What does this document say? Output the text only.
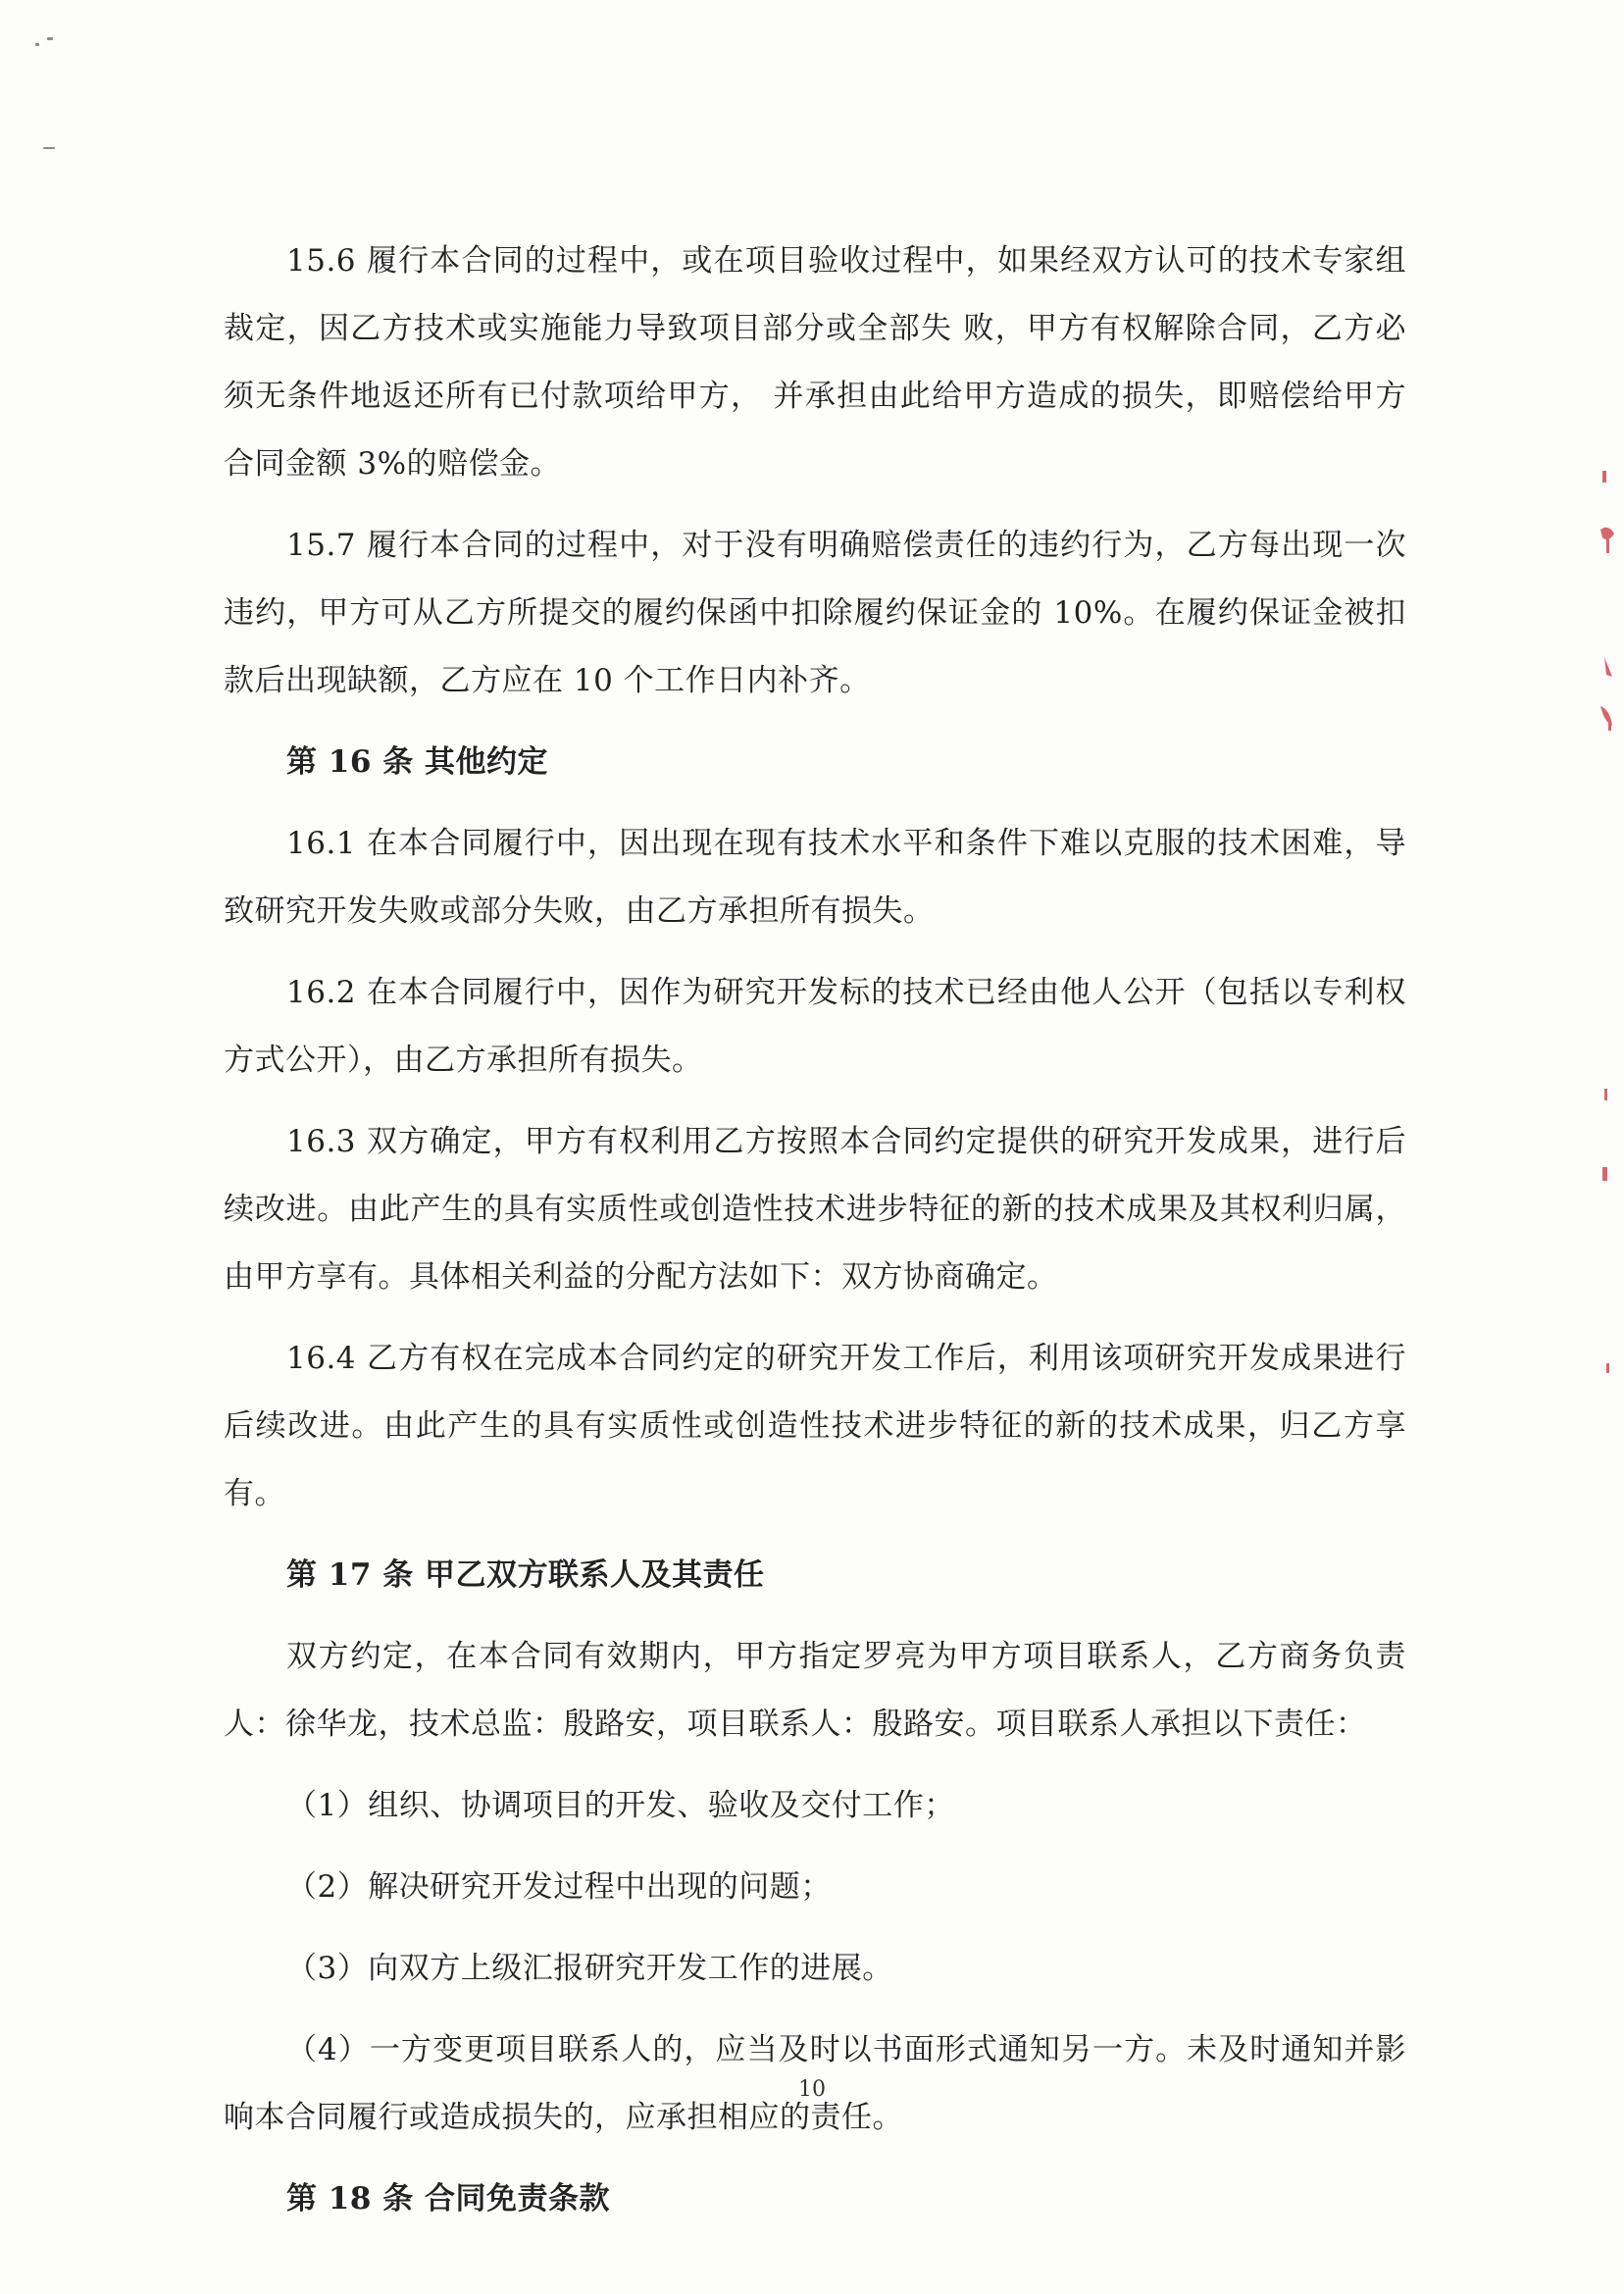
15.6 履行本合同的过程中，或在项目验收过程中，如果经双方认可的技术专家组裁定，因乙方技术或实施能力导致项目部分或全部失 败，甲方有权解除合同，乙方必须无条件地返还所有已付款项给甲方， 并承担由此给甲方造成的损失，即赔偿给甲方合同金额 3%的赔偿金。

15.7 履行本合同的过程中，对于没有明确赔偿责任的违约行为，乙方每出现一次违约，甲方可从乙方所提交的履约保函中扣除履约保证金的 10%。在履约保证金被扣款后出现缺额，乙方应在 10 个工作日内补齐。

第 16 条 其他约定

16.1 在本合同履行中，因出现在现有技术水平和条件下难以克服的技术困难，导致研究开发失败或部分失败，由乙方承担所有损失。

16.2 在本合同履行中，因作为研究开发标的技术已经由他人公开（包括以专利权方式公开），由乙方承担所有损失。

16.3 双方确定，甲方有权利用乙方按照本合同约定提供的研究开发成果，进行后续改进。由此产生的具有实质性或创造性技术进步特征的新的技术成果及其权利归属，由甲方享有。具体相关利益的分配方法如下：双方协商确定。

16.4 乙方有权在完成本合同约定的研究开发工作后，利用该项研究开发成果进行后续改进。由此产生的具有实质性或创造性技术进步特征的新的技术成果，归乙方享有。

第 17 条 甲乙双方联系人及其责任

双方约定，在本合同有效期内，甲方指定罗亮为甲方项目联系人，乙方商务负责人：徐华龙，技术总监：殷路安，项目联系人：殷路安。项目联系人承担以下责任：

（1）组织、协调项目的开发、验收及交付工作；

（2）解决研究开发过程中出现的问题；

（3）向双方上级汇报研究开发工作的进展。

（4）一方变更项目联系人的，应当及时以书面形式通知另一方。未及时通知并影响本合同履行或造成损失的，应承担相应的责任。

第 18 条 合同免责条款

10
